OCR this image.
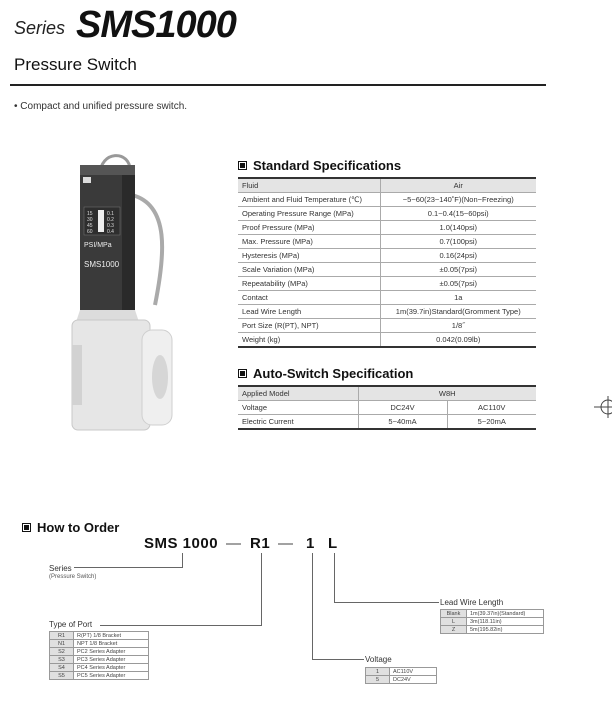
Series SMS1000
Pressure Switch
• Compact and unified pressure switch.
15
30
45
60
0.1
0.2
0.3
0.4
PSI/MPa
SMS1000
Standard Specifications
Fluid	Air
Ambient and Fluid Temperature (℃)	−5~60(23~140˚F)(Non−Freezing)
Operating Pressure Range (MPa)	0.1~0.4(15~60psi)
Proof Pressure (MPa)	1.0(140psi)
Max. Pressure (MPa)	0.7(100psi)
Hysteresis (MPa)	0.16(24psi)
Scale Variation (MPa)	±0.05(7psi)
Repeatability (MPa)	±0.05(7psi)
Contact	1a
Lead Wire Length	1m(39.7in)Standard(Gromment Type)
Port Size (R(PT), NPT)	1/8˝
Weight (kg)	0.042(0.09lb)
Auto-Switch Specification
Applied Model	W8H	
Voltage	DC24V	AC110V
Electric Current	5~40mA	5~20mA
How to Order
SMS 1000 — R1 — 1 L
Series
(Pressure Switch)
Type of Port
R1	R(PT) 1/8 Bracket
N1	NPT 1/8 Bracket
S2	PC2 Series Adapter
S3	PC3 Series Adapter
S4	PC4 Series Adapter
S5	PC5 Series Adapter
Voltage
1	AC110V
5	DC24V
Lead Wire Length
Blank	1m(39.37in)(Standard)
L	3m(118.11in)
Z	5m(195.82in)
